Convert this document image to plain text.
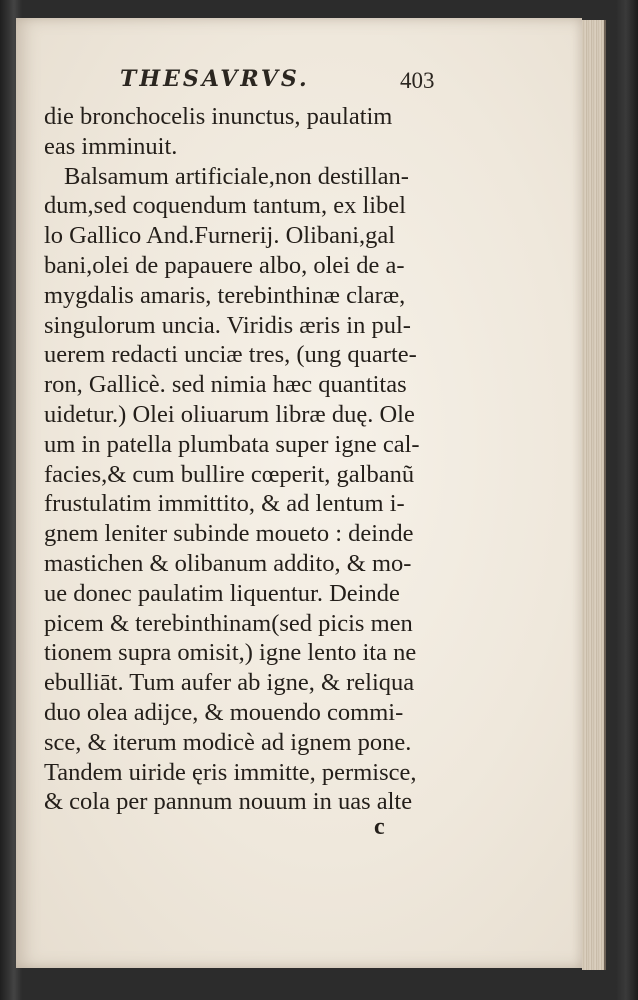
THESAVRVS.	403
die bronchocelis inunctus, paulatim
eas imminuit.
Balsamum artificiale,non destillan-
dum,sed coquendum tantum, ex libel
lo Gallico And.Furnerij. Olibani,gal
bani,olei de papauere albo, olei de a-
mygdalis amaris, terebinthinæ claræ,
singulorum uncia. Viridis æris in pul-
uerem redacti unciæ tres, (ung quarte-
ron, Gallicè. sed nimia hæc quantitas
uidetur.) Olei oliuarum libræ duę. Ole
um in patella plumbata super igne cal-
facies,& cum bullire cœperit, galbanũ
frustulatim immittito, & ad lentum i-
gnem leniter subinde moueto : deinde
mastichen & olibanum addito, & mo-
ue donec paulatim liquentur. Deinde
picem & terebinthinam(sed picis men
tionem supra omisit,) igne lento ita ne
ebulliāt. Tum aufer ab igne, & reliqua
duo olea adijce, & mouendo commi-
sce, & iterum modicè ad ignem pone.
Tandem uiride ęris immitte, permisce,
& cola per pannum nouum in uas alte
c
